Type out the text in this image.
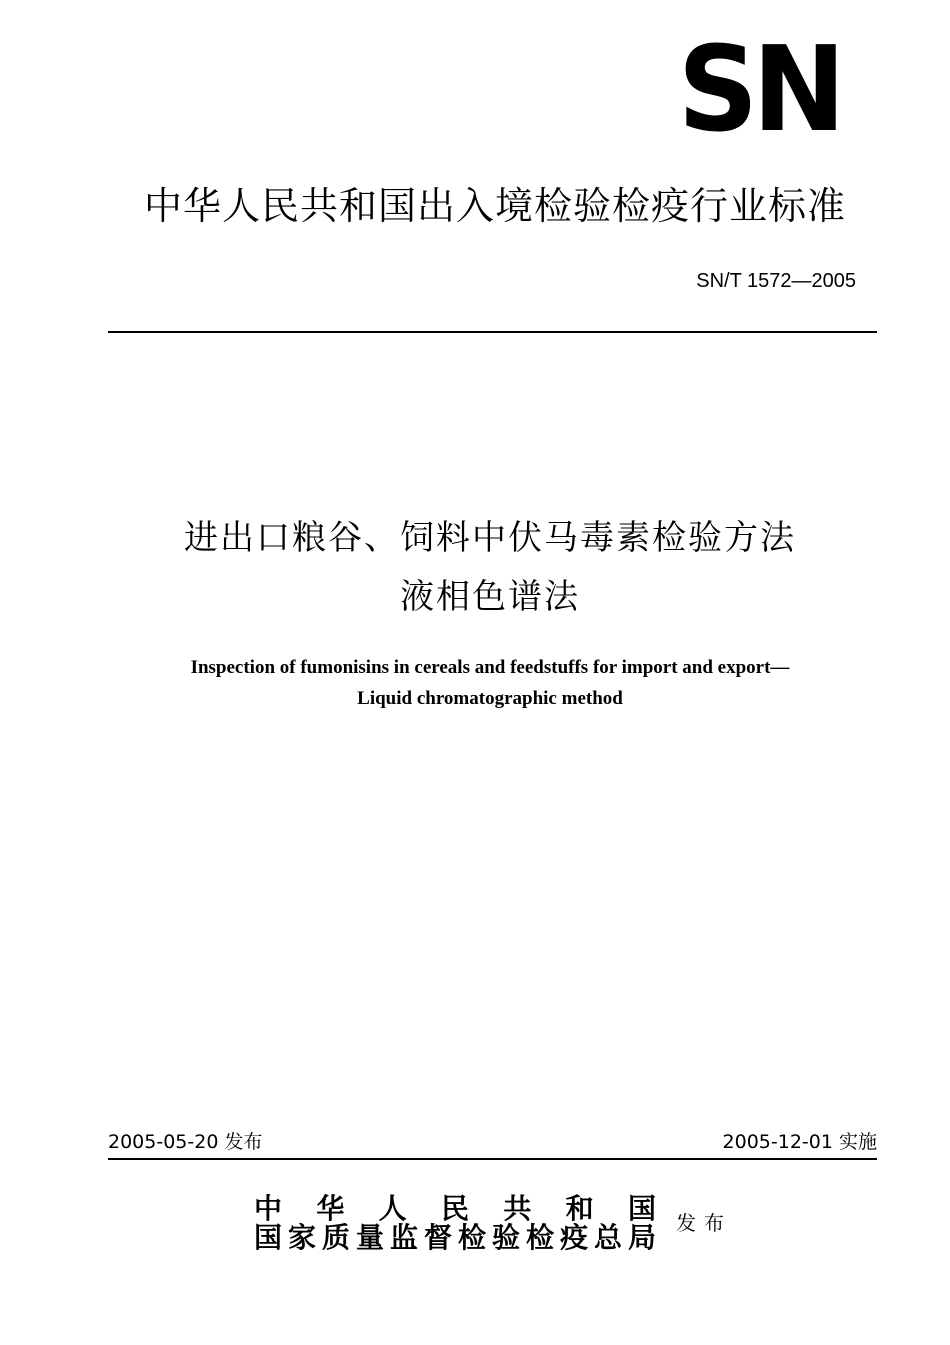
SN
中华人民共和国出入境检验检疫行业标准
SN/T 1572—2005
进出口粮谷、饲料中伏马毒素检验方法
液相色谱法
Inspection of fumonisins in cereals and feedstuffs for import and export—
Liquid chromatographic method
2005-05-20 发布	2005-12-01 实施
中华人民共和国
国家质量监督检验检疫总局 发布
